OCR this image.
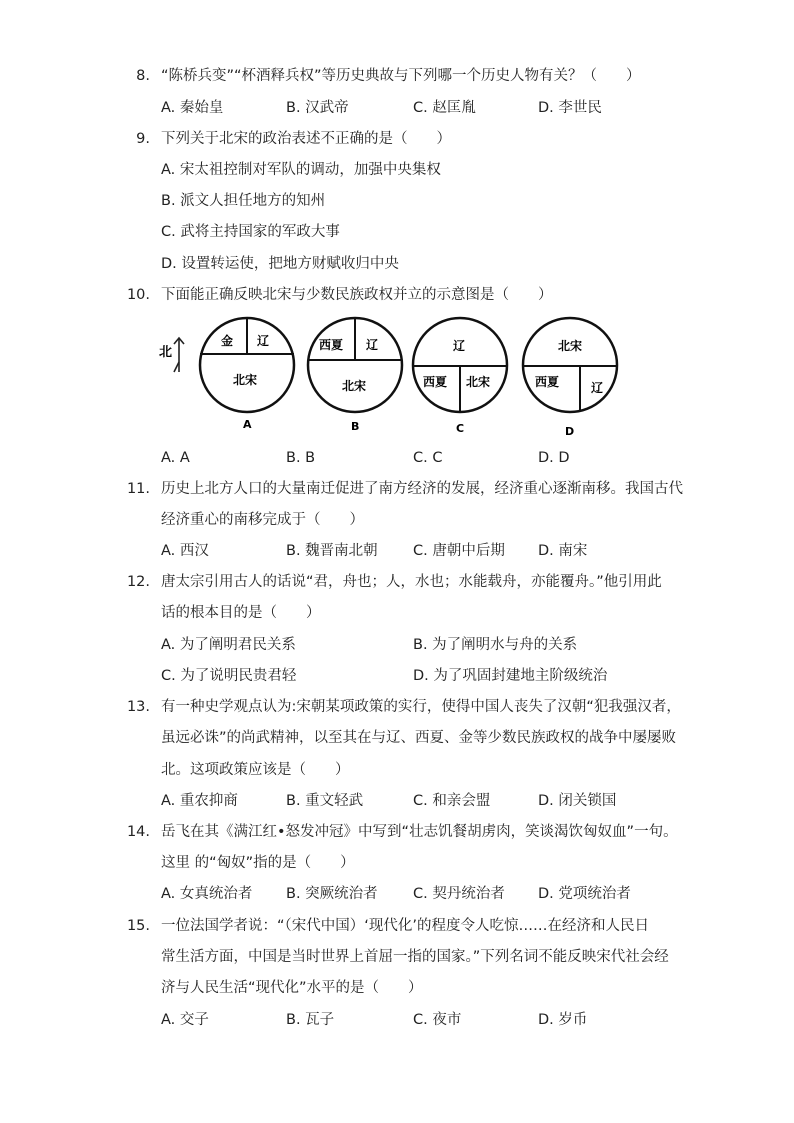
8. “陈桥兵变”“杯酒释兵权”等历史典故与下列哪一个历史人物有关？（　　）
A. 秦始皇	B. 汉武帝	C. 赵匡胤	D. 李世民
9. 下列关于北宋的政治表述不正确的是（　　）
A. 宋太祖控制对军队的调动，加强中央集权
B. 派文人担任地方的知州
C. 武将主持国家的军政大事
D. 设置转运使，把地方财赋收归中央
10. 下面能正确反映北宋与少数民族政权并立的示意图是（　　）
北
金 辽
北宋
西夏 辽
北宋
辽
西夏 北宋
北宋
西夏	辽
A	B	C	D
A. A	B. B	C. C	D. D
11. 历史上北方人口的大量南迁促进了南方经济的发展，经济重心逐渐南移。我国古代
经济重心的南移完成于（　　）
A. 西汉	B. 魏晋南北朝 C. 唐朝中后期 D. 南宋
12. 唐太宗引用古人的话说“君，舟也；人，水也；水能载舟，亦能覆舟。”他引用此
话的根本目的是（　　）
A. 为了阐明君民关系	B. 为了阐明水与舟的关系
C. 为了说明民贵君轻	D. 为了巩固封建地主阶级统治
13. 有一种史学观点认为:宋朝某项政策的实行，使得中国人丧失了汉朝“犯我强汉者，
虽远必诛”的尚武精神，以至其在与辽、西夏、金等少数民族政权的战争中屡屡败
北。这项政策应该是（　　）
A. 重农抑商	B. 重文轻武	C. 和亲会盟	D. 闭关锁国
14. 岳飞在其《满江红•怒发冲冠》中写到“壮志饥餐胡虏肉，笑谈渴饮匈奴血”一句。
这里 的“匈奴”指的是（　　）
A. 女真统治者 B. 突厥统治者 C. 契丹统治者 D. 党项统治者
15. 一位法国学者说：“（宋代中国）‘现代化’的程度令人吃惊……在经济和人民日
常生活方面，中国是当时世界上首屈一指的国家。”下列名词不能反映宋代社会经
济与人民生活“现代化”水平的是（　　）
A. 交子	B. 瓦子	C. 夜市	D. 岁币
